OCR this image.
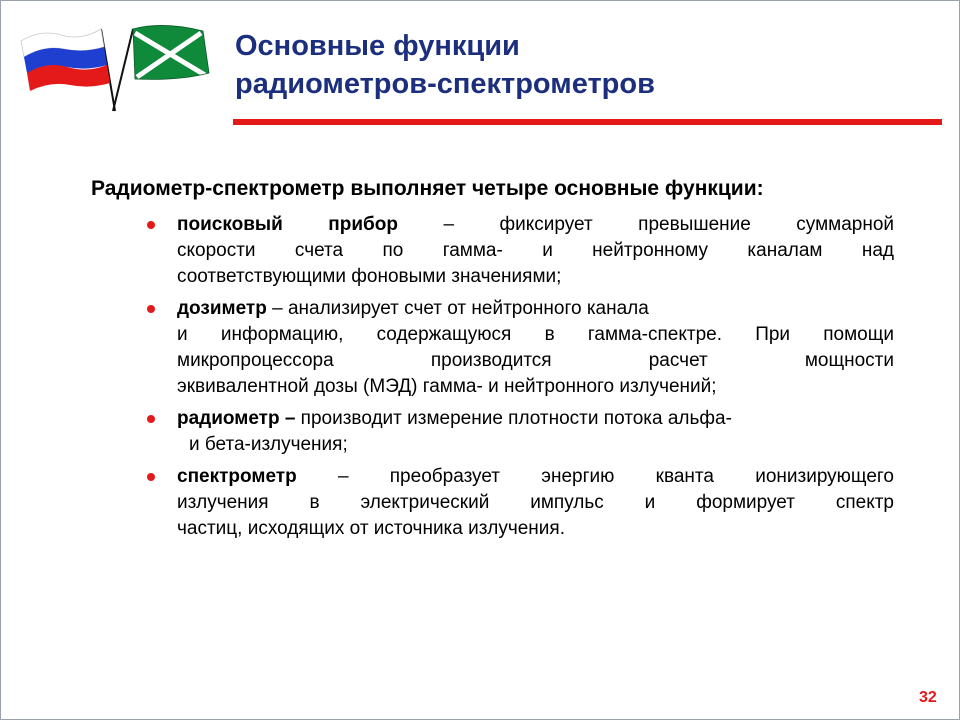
Основные функции
радиометров-спектрометров

Радиометр-спектрометр выполняет четыре основные функции:

поисковый прибор – фиксирует превышение суммарной
скорости счета по гамма- и нейтронному каналам над
соответствующими фоновыми значениями;
дозиметр – анализирует счет от нейтронного канала
и информацию, содержащуюся в гамма-спектре. При помощи
микропроцессора производится расчет мощности
эквивалентной дозы (МЭД) гамма- и нейтронного излучений;
радиометр – производит измерение плотности потока альфа-
и бета-излучения;
спектрометр – преобразует энергию кванта ионизирующего
излучения в электрический импульс и формирует спектр
частиц, исходящих от источника излучения.
32
